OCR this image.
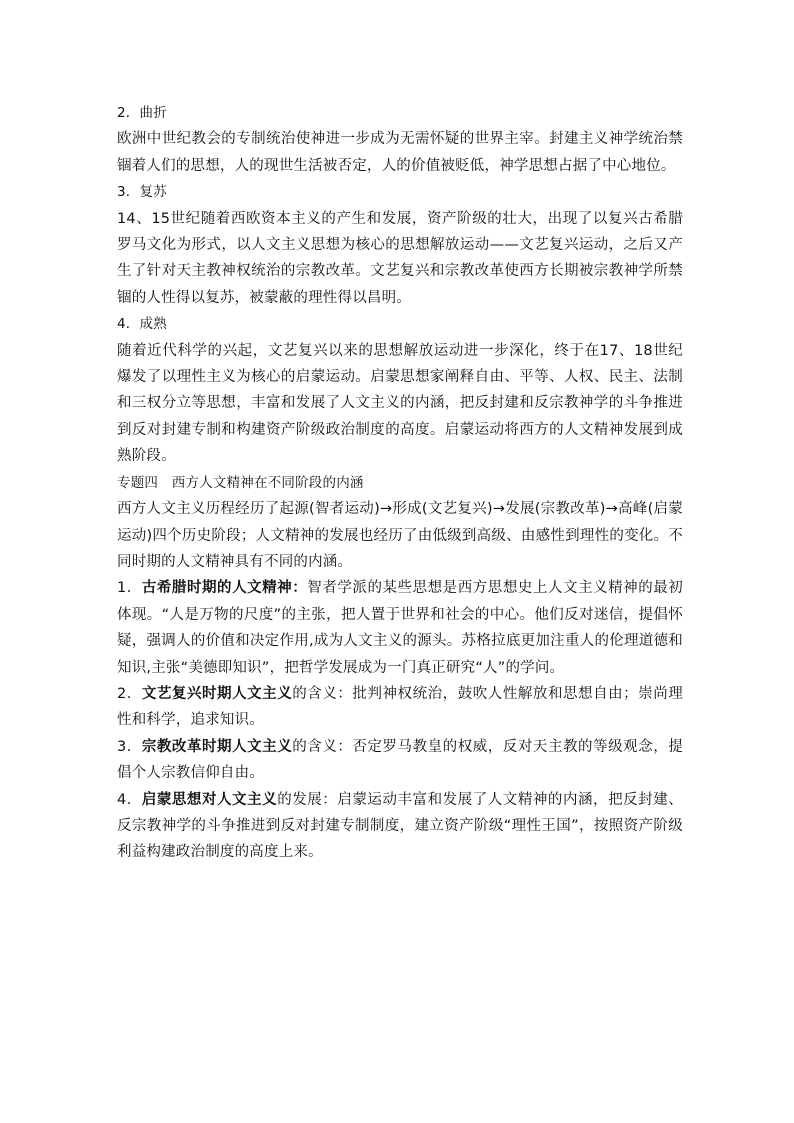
2．曲折

欧洲中世纪教会的专制统治使神进一步成为无需怀疑的世界主宰。封建主义神学统治禁锢着人们的思想，人的现世生活被否定，人的价值被贬低，神学思想占据了中心地位。

3．复苏

14、15世纪随着西欧资本主义的产生和发展，资产阶级的壮大，出现了以复兴古希腊罗马文化为形式，以人文主义思想为核心的思想解放运动——文艺复兴运动，之后又产生了针对天主教神权统治的宗教改革。文艺复兴和宗教改革使西方长期被宗教神学所禁锢的人性得以复苏，被蒙蔽的理性得以昌明。

4．成熟

随着近代科学的兴起，文艺复兴以来的思想解放运动进一步深化，终于在17、18世纪爆发了以理性主义为核心的启蒙运动。启蒙思想家阐释自由、平等、人权、民主、法制和三权分立等思想，丰富和发展了人文主义的内涵，把反封建和反宗教神学的斗争推进到反对封建专制和构建资产阶级政治制度的高度。启蒙运动将西方的人文精神发展到成熟阶段。

专题四　西方人文精神在不同阶段的内涵

西方人文主义历程经历了起源(智者运动)→形成(文艺复兴)→发展(宗教改革)→高峰(启蒙运动)四个历史阶段；人文精神的发展也经历了由低级到高级、由感性到理性的变化。不同时期的人文精神具有不同的内涵。

1．古希腊时期的人文精神：智者学派的某些思想是西方思想史上人文主义精神的最初体现。“人是万物的尺度”的主张，把人置于世界和社会的中心。他们反对迷信，提倡怀疑，强调人的价值和决定作用,成为人文主义的源头。苏格拉底更加注重人的伦理道德和知识,主张“美德即知识”，把哲学发展成为一门真正研究“人”的学问。

2．文艺复兴时期人文主义的含义：批判神权统治，鼓吹人性解放和思想自由；崇尚理性和科学，追求知识。

3．宗教改革时期人文主义的含义：否定罗马教皇的权威，反对天主教的等级观念，提倡个人宗教信仰自由。

4．启蒙思想对人文主义的发展：启蒙运动丰富和发展了人文精神的内涵，把反封建、反宗教神学的斗争推进到反对封建专制制度，建立资产阶级“理性王国”，按照资产阶级利益构建政治制度的高度上来。
